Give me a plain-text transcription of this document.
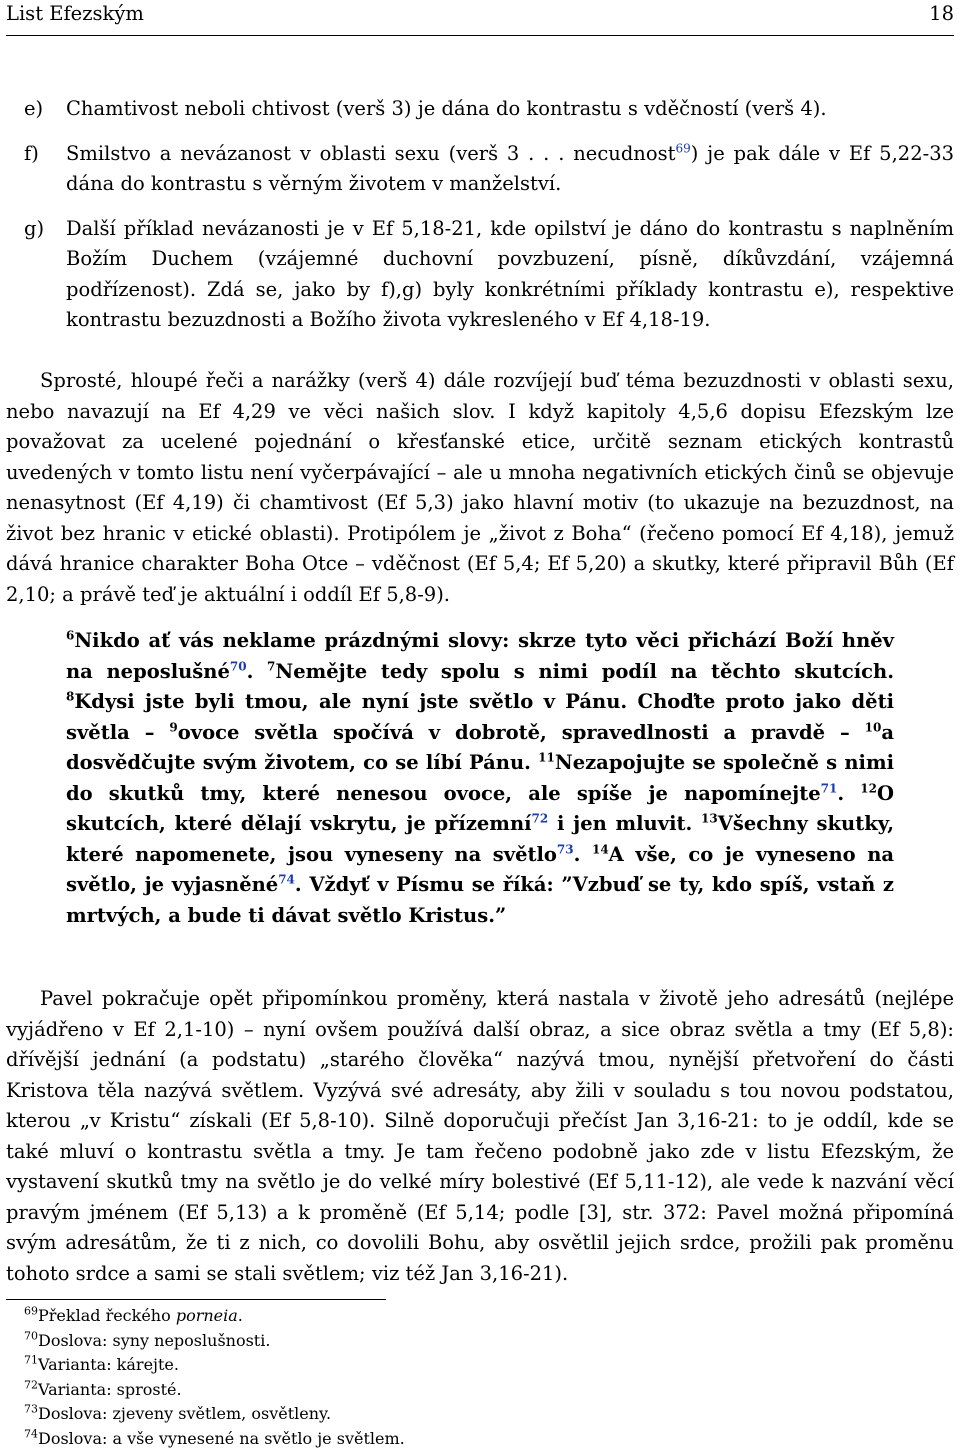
List Efezským	18
e) Chamtivost neboli chtivost (verš 3) je dána do kontrastu s vděčností (verš 4).
f) Smilstvo a nevázanost v oblasti sexu (verš 3 . . . necudnost$^{69}$) je pak dále v Ef 5,22-33 dána do kontrastu s věrným životem v manželství.
g) Další příklad nevázanosti je v Ef 5,18-21, kde opilství je dáno do kontrastu s naplněním Božím Duchem (vzájemné duchovní povzbuzení, písně, díkůvzdání, vzájemná podřízenost). Zdá se, jako by f),g) byly konkrétními příklady kontrastu e), respektive kontrastu bezuzdnosti a Božího života vykresleného v Ef 4,18-19.
Sprosté, hloupé řeči a narážky (verš 4) dále rozvíjejí buď téma bezuzdnosti v oblasti sexu, nebo navazují na Ef 4,29 ve věci našich slov. I když kapitoly 4,5,6 dopisu Efezským lze považovat za ucelené pojednání o křesťanské etice, určitě seznam etických kontrastů uvedených v tomto listu není vyčerpávající – ale u mnoha negativních etických činů se objevuje nenasytnost (Ef 4,19) či chamtivost (Ef 5,3) jako hlavní motiv (to ukazuje na bezuzdnost, na život bez hranic v etické oblasti). Protipólem je „život z Boha“ (řečeno pomocí Ef 4,18), jemuž dává hranice charakter Boha Otce – vděčnost (Ef 5,4; Ef 5,20) a skutky, které připravil Bůh (Ef 2,10; a právě teď je aktuální i oddíl Ef 5,8-9).
$^6$Nikdo ať vás neklame prázdnými slovy: skrze tyto věci přichází Boží hněv na neposlušné$^{70}$. $^7$Nemějte tedy spolu s nimi podíl na těchto skutcích. $^8$Kdysi jste byli tmou, ale nyní jste světlo v Pánu. Choďte proto jako děti světla – $^9$ovoce světla spočívá v dobrotě, spravedlnosti a pravdě – $^{10}$a dosvědčujte svým životem, co se líbí Pánu. $^{11}$Nezapojujte se společně s nimi do skutků tmy, které nenesou ovoce, ale spíše je napomínejte$^{71}$. $^{12}$O skutcích, které dělají vskrytu, je přízemní$^{72}$ i jen mluvit. $^{13}$Všechny skutky, které napomenete, jsou vyneseny na světlo$^{73}$. $^{14}$A vše, co je vyneseno na světlo, je vyjasněné$^{74}$. Vždyť v Písmu se říká: ”Vzbuď se ty, kdo spíš, vstaň z mrtvých, a bude ti dávat světlo Kristus.”
Pavel pokračuje opět připomínkou proměny, která nastala v životě jeho adresátů (nejlépe vyjádřeno v Ef 2,1-10) – nyní ovšem používá další obraz, a sice obraz světla a tmy (Ef 5,8): dřívější jednání (a podstatu) „starého člověka“ nazývá tmou, nynější přetvoření do části Kristova těla nazývá světlem. Vyzývá své adresáty, aby žili v souladu s tou novou podstatou, kterou „v Kristu“ získali (Ef 5,8-10). Silně doporučuji přečíst Jan 3,16-21: to je oddíl, kde se také mluví o kontrastu světla a tmy. Je tam řečeno podobně jako zde v listu Efezským, že vystavení skutků tmy na světlo je do velké míry bolestivé (Ef 5,11-12), ale vede k nazvání věcí pravým jménem (Ef 5,13) a k proměně (Ef 5,14; podle [3], str. 372: Pavel možná připomíná svým adresátům, že ti z nich, co dovolili Bohu, aby osvětlil jejich srdce, prožili pak proměnu tohoto srdce a sami se stali světlem; viz též Jan 3,16-21).
$^{69}$Překlad řeckého porneia.
$^{70}$Doslova: syny neposlušnosti.
$^{71}$Varianta: kárejte.
$^{72}$Varianta: sprosté.
$^{73}$Doslova: zjeveny světlem, osvětleny.
$^{74}$Doslova: a vše vynesené na světlo je světlem.
